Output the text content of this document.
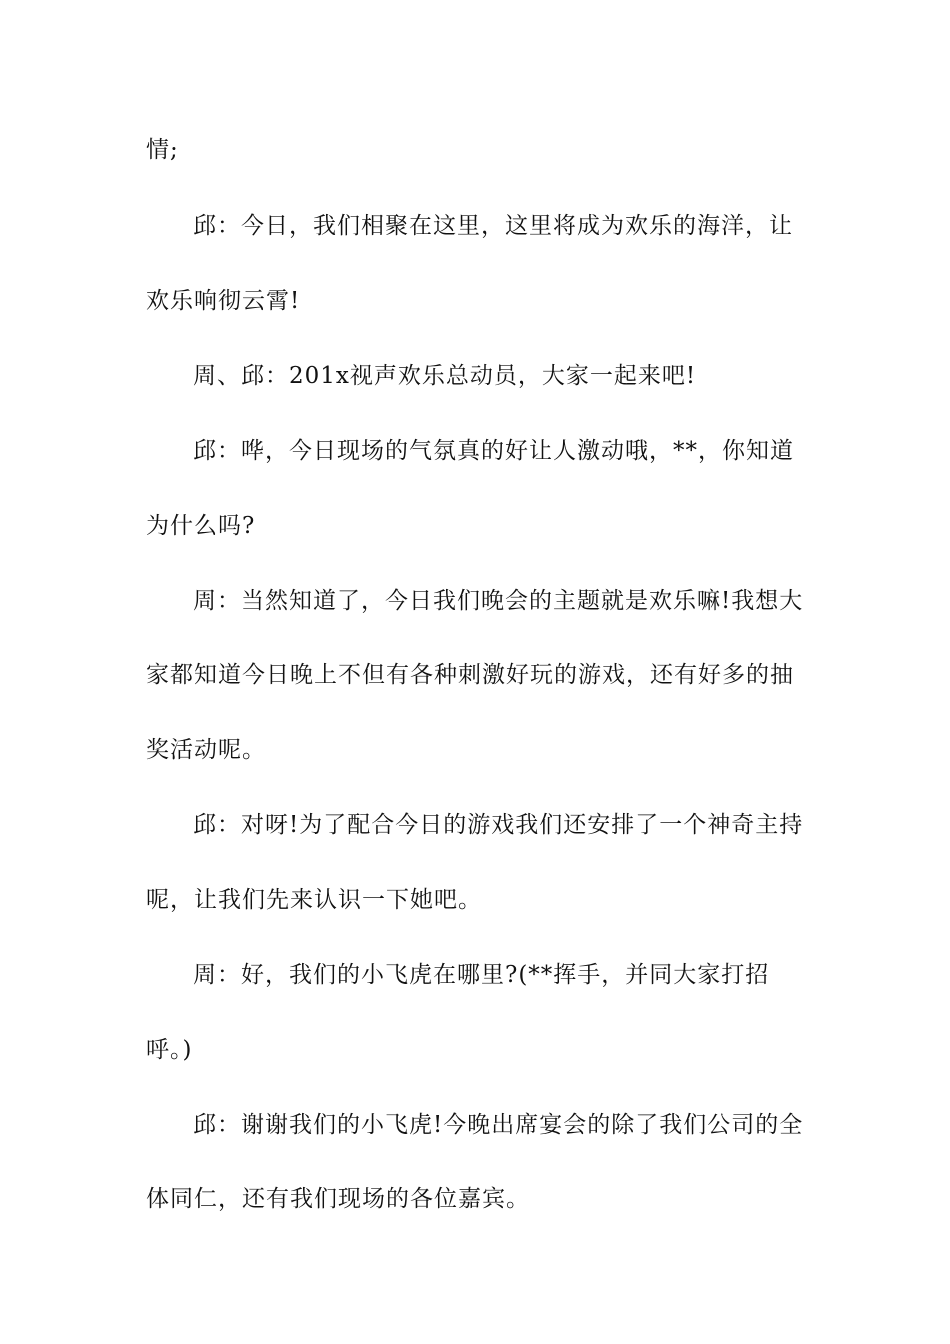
情;
邱：今日，我们相聚在这里，这里将成为欢乐的海洋，让
欢乐响彻云霄!
周、邱：201x视声欢乐总动员，大家一起来吧!
邱：哗，今日现场的气氛真的好让人激动哦，**，你知道
为什么吗?
周：当然知道了，今日我们晚会的主题就是欢乐嘛!我想大
家都知道今日晚上不但有各种刺激好玩的游戏，还有好多的抽
奖活动呢。
邱：对呀!为了配合今日的游戏我们还安排了一个神奇主持
呢，让我们先来认识一下她吧。
周：好，我们的小飞虎在哪里?(**挥手，并同大家打招
呼。)
邱：谢谢我们的小飞虎!今晚出席宴会的除了我们公司的全
体同仁，还有我们现场的各位嘉宾。
